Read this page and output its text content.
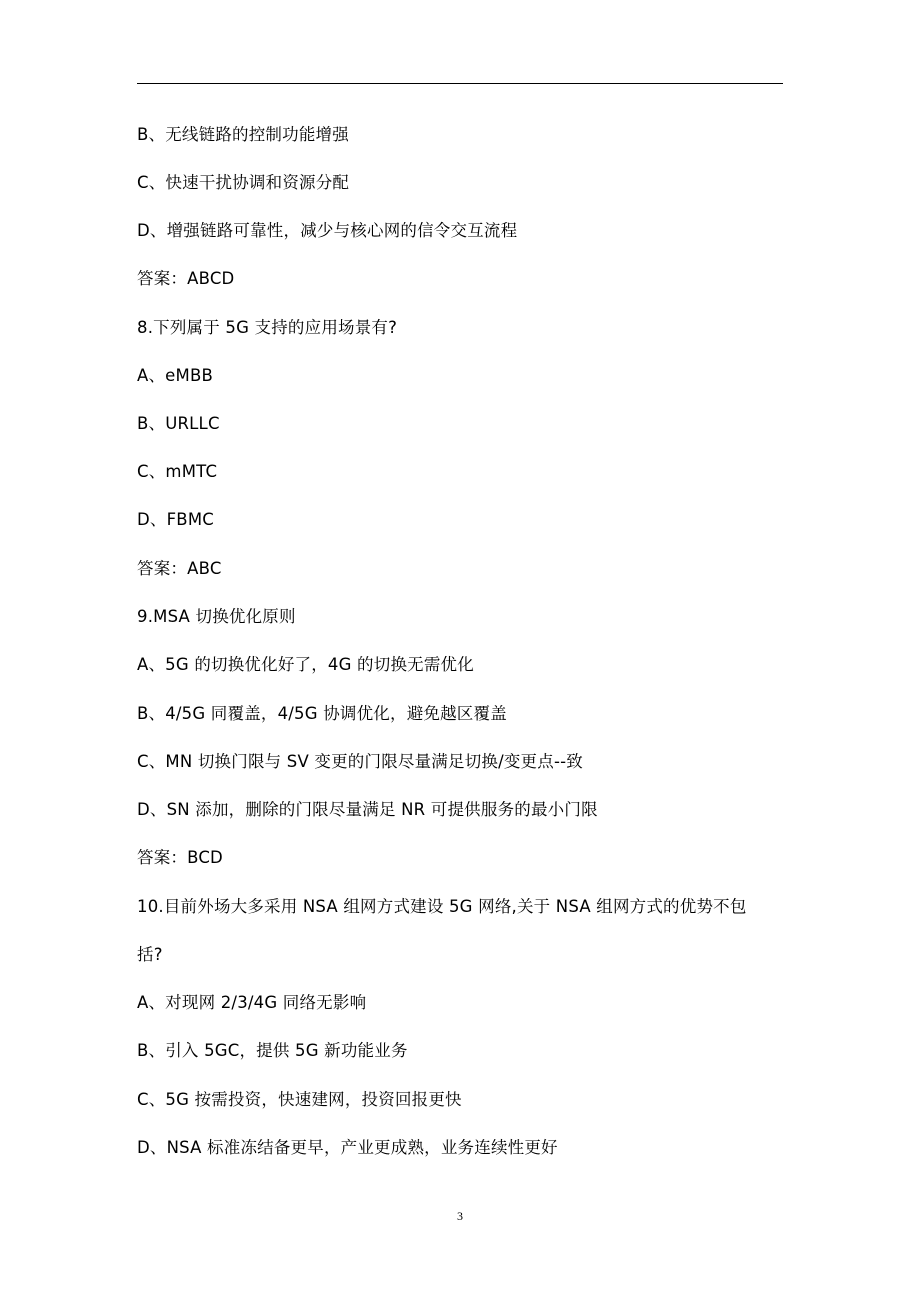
B、无线链路的控制功能增强
C、快速干扰协调和资源分配
D、增强链路可靠性，减少与核心网的信令交互流程
答案：ABCD
8.下列属于 5G 支持的应用场景有?
A、eMBB
B、URLLC
C、mMTC
D、FBMC
答案：ABC
9.MSA 切换优化原则
A、5G 的切换优化好了，4G 的切换无需优化
B、4/5G 同覆盖，4/5G 协调优化，避免越区覆盖
C、MN 切换门限与 SV 变更的门限尽量满足切换/变更点--致
D、SN 添加，删除的门限尽量满足 NR 可提供服务的最小门限
答案：BCD
10.目前外场大多采用 NSA 组网方式建设 5G 网络,关于 NSA 组网方式的优势不包
括?
A、对现网 2/3/4G 同络无影响
B、引入 5GC，提供 5G 新功能业务
C、5G 按需投资，快速建网，投资回报更快
D、NSA 标准冻结备更早，产业更成熟，业务连续性更好
3
